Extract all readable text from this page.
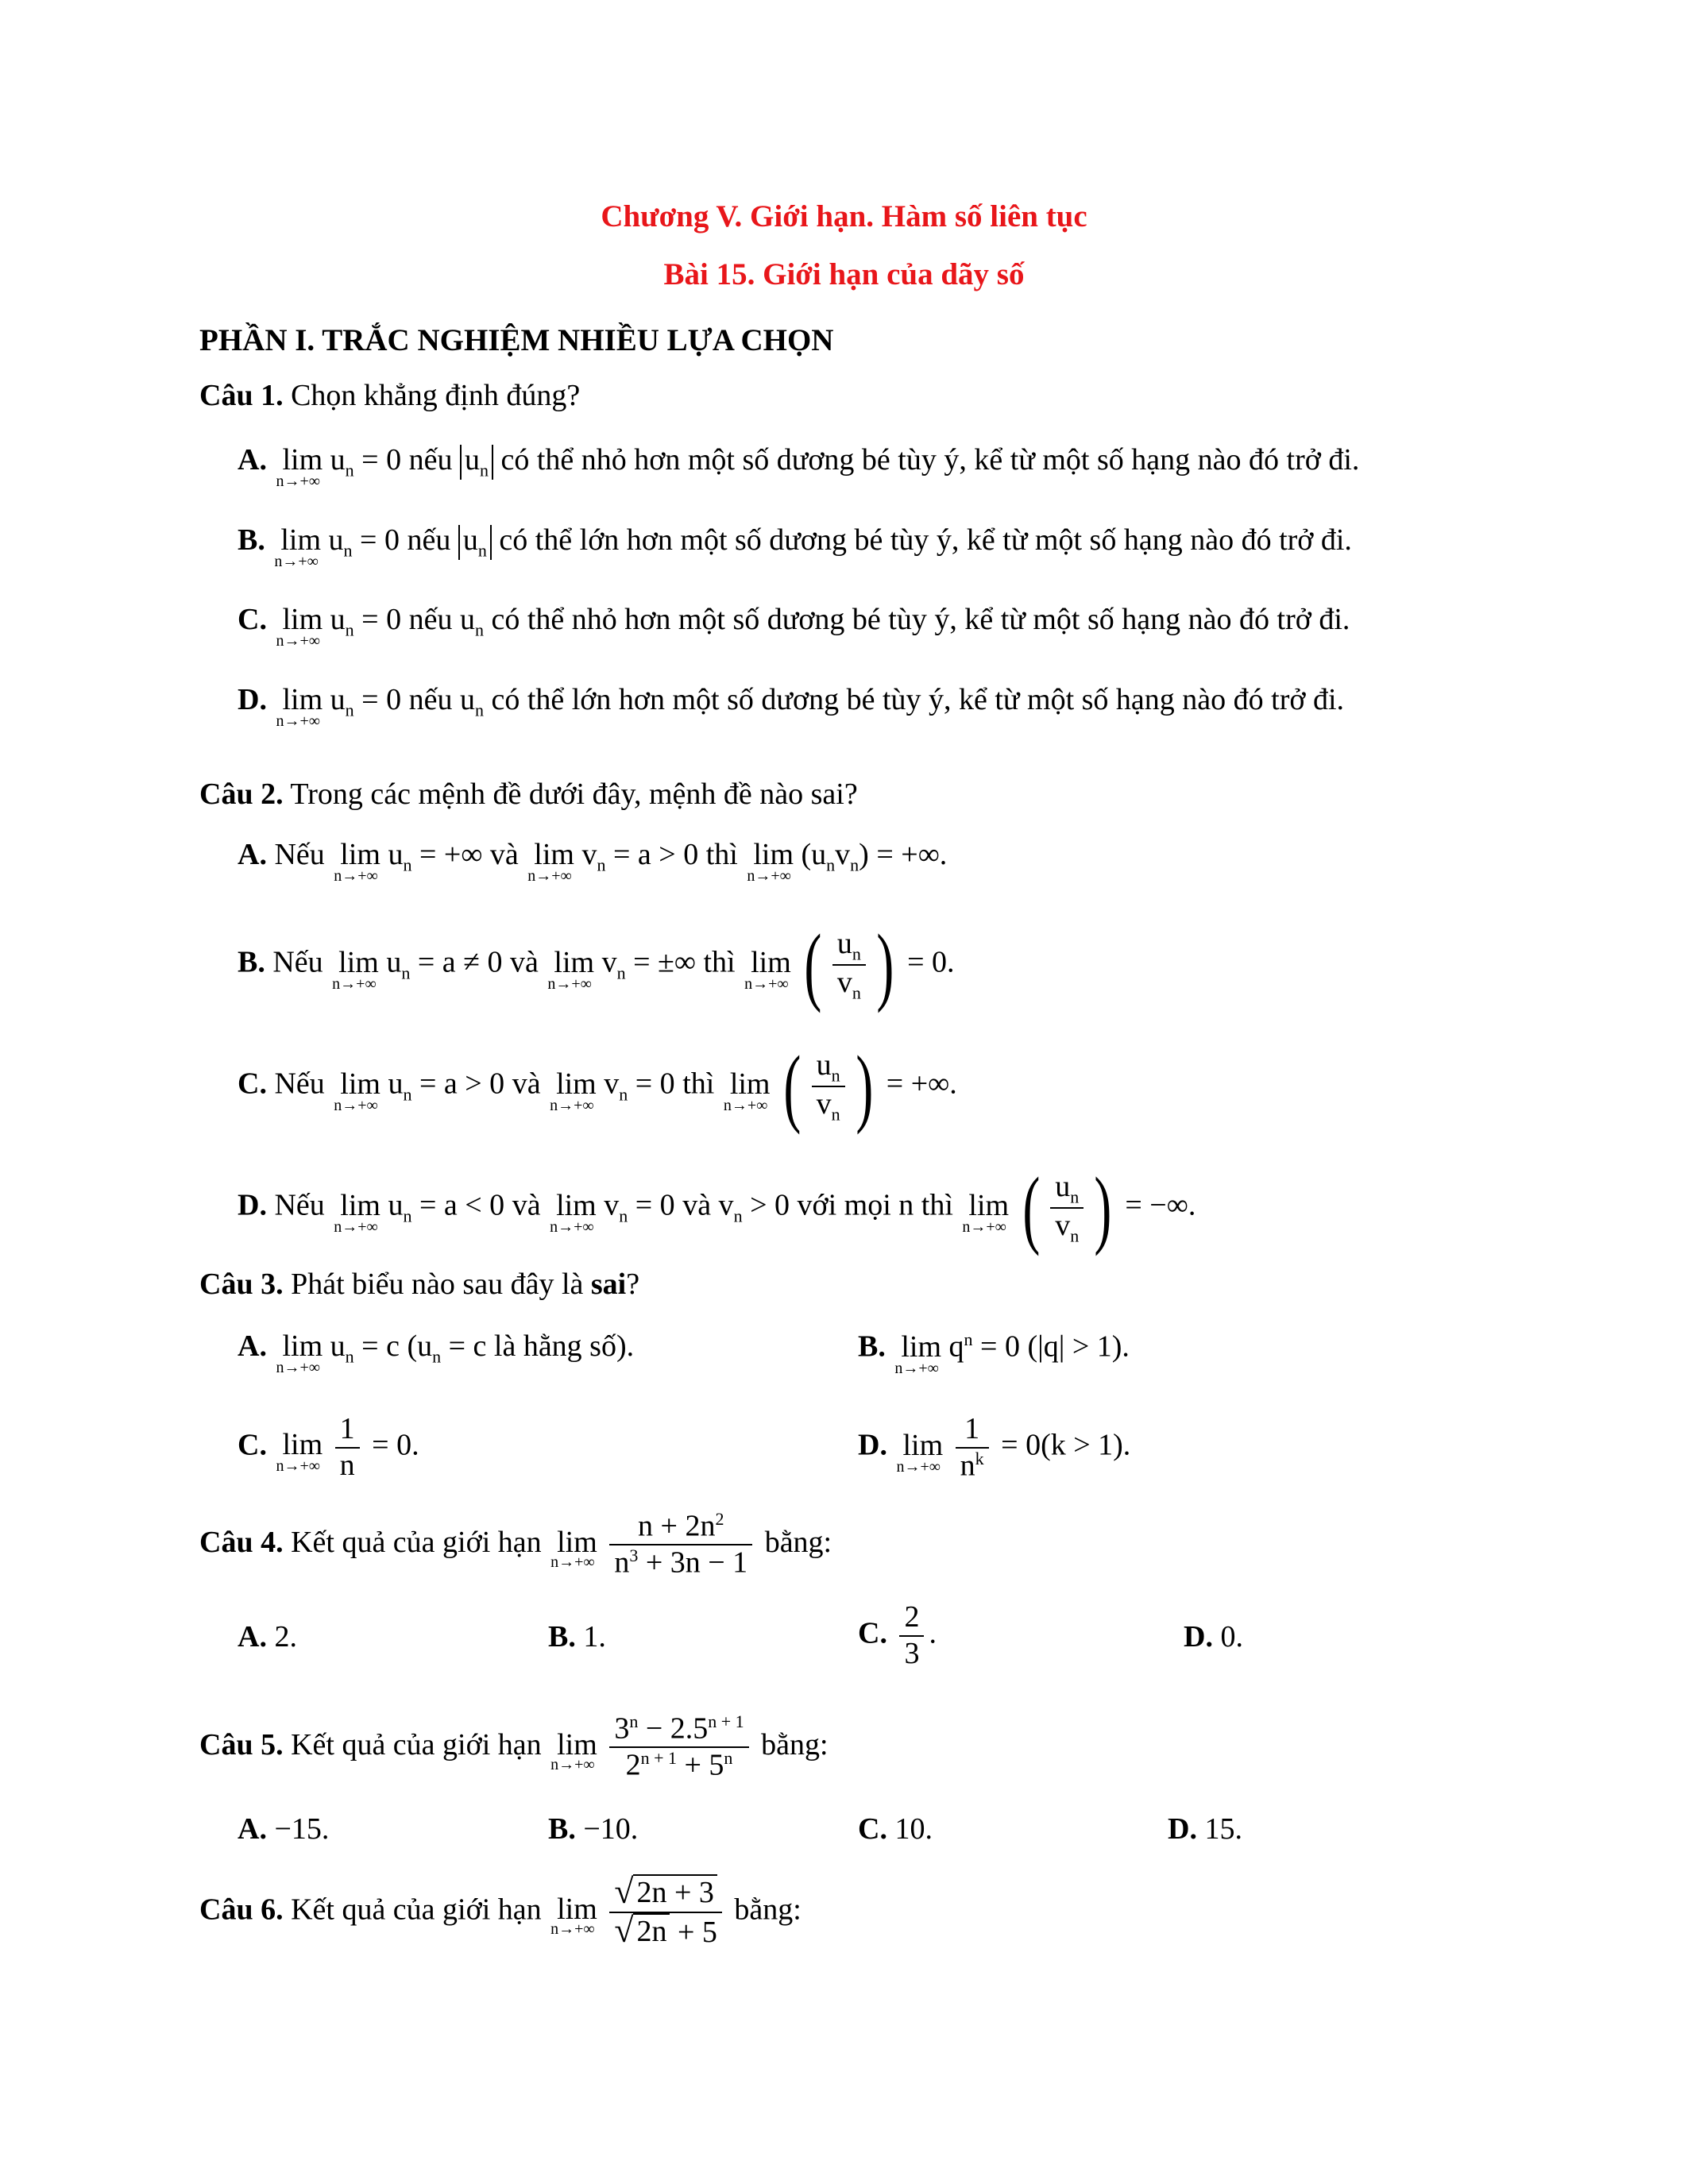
Chương V. Giới hạn. Hàm số liên tục
Bài 15. Giới hạn của dãy số
PHẦN I. TRẮC NGHIỆM NHIỀU LỰA CHỌN
Câu 1. Chọn khẳng định đúng?
A. lim
n→+∞
$u_n = 0$ nếu $u_n$ có thể nhỏ hơn một số dương bé tùy ý, kể từ một số hạng nào đó trở đi.
B. lim
n→+∞
$u_n = 0$ nếu $u_n$ có thể lớn hơn một số dương bé tùy ý, kể từ một số hạng nào đó trở đi.
C. lim
n→+∞
$u_n = 0$ nếu $u_n$ có thể nhỏ hơn một số dương bé tùy ý, kể từ một số hạng nào đó trở đi.
D. lim
n→+∞
$u_n = 0$ nếu $u_n$ có thể lớn hơn một số dương bé tùy ý, kể từ một số hạng nào đó trở đi.
Câu 2. Trong các mệnh đề dưới đây, mệnh đề nào sai?
A. Nếu lim
n→+∞
$u_n$ = +∞ và lim
n→+∞
$v_n = a > 0$ thì lim
n→+∞
$(u_nv_n)$ = +∞.
B. Nếu lim
n→+∞
$u_n = a \ne 0$ và lim
n→+∞
$v_n$ = ±∞ thì lim
n→+∞ ( $\frac{u_n}{v_n}$ ) = 0.
C. Nếu lim
n→+∞
$u_n = a > 0$ và lim
n→+∞
$v_n = 0$ thì lim
n→+∞ ( $\frac{u_n}{v_n}$ ) = +∞.
D. Nếu lim
n→+∞
$u_n = a < 0$ và lim
n→+∞
$v_n = 0$ và $v_n > 0$ với mọi n thì lim
n→+∞ ( $\frac{u_n}{v_n}$ ) = −∞.
Câu 3. Phát biểu nào sau đây là sai?
A. lim
n→+∞
$u_n = c$ ($u_n = c$ là hằng số).	B. lim
n→+∞
$q^n = 0$ (|q| > 1).
C. lim
n→+∞
$\frac{1}{n} = 0$.	D. lim
n→+∞
$\frac{1}{n^k} = 0(k > 1)$.
Câu 4. Kết quả của giới hạn lim
n→+∞
$\frac{n + 2n^2}{n^3 + 3n - 1}$ bằng:
A. 2.	B. 1.	C. $\frac{2}{3}$ .	D. 0.
Câu 5. Kết quả của giới hạn lim
n→+∞
$\frac{3^n - 2.5^{n + 1}}{2^{n + 1} + 5^n}$ bằng:
A. −15.	B. −10.	C. 10.	D. 15.
Câu 6. Kết quả của giới hạn lim
n→+∞
$\frac{√ 2n + 3}{√ 2n + 5}$ bằng:
